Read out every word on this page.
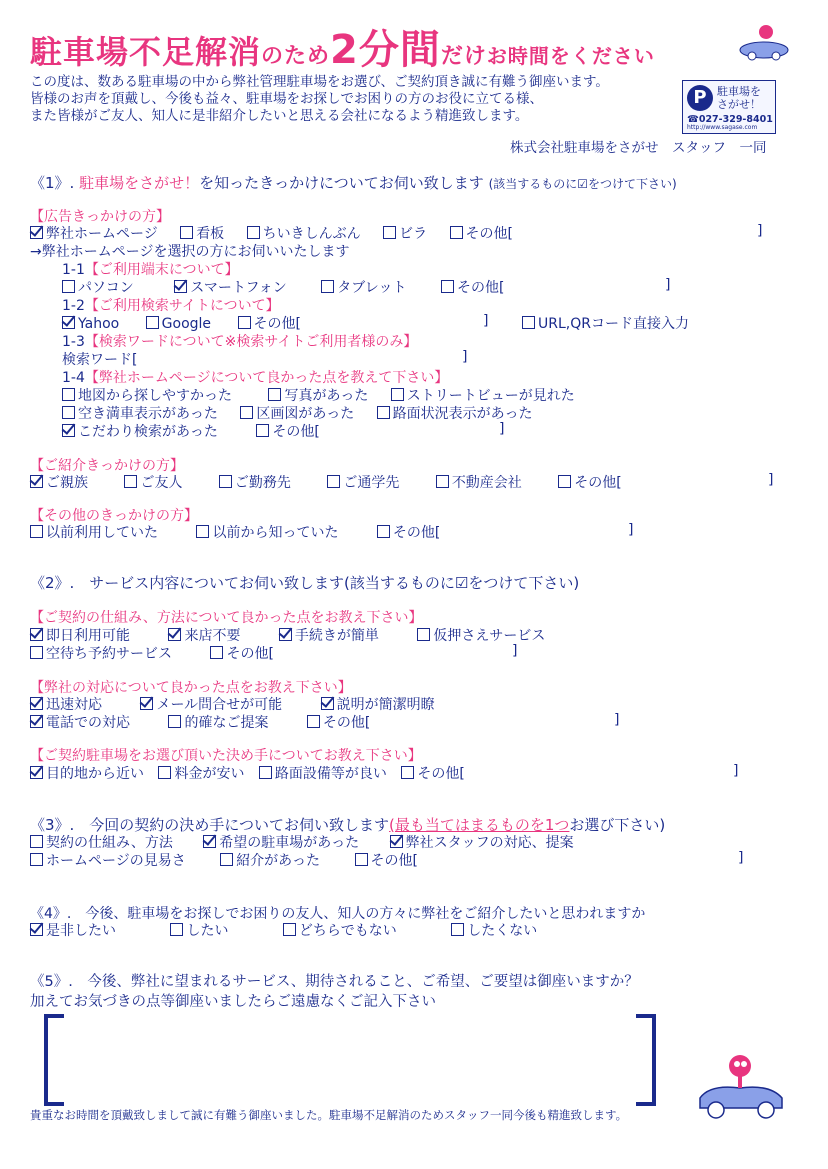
駐車場不足解消のため2分間だけお時間をください
この度は、数ある駐車場の中から弊社管理駐車場をお選び、ご契約頂き誠に有難う御座います。
皆様のお声を頂戴し、今後も益々、駐車場をお探しでお困りの方のお役に立てる様、
また皆様がご友人、知人に是非紹介したいと思える会社になるよう精進致します。
P 駐車場を
さがせ！
☎027-329-8401
http://www.sagase.com
株式会社駐車場をさがせ　スタッフ　一同
《1》. 駐車場をさがせ！を知ったきっかけについてお伺い致します (該当するものに☑をつけて下さい)
【広告きっかけの方】
弊社ホームページ	看板	ちいきしんぶん	ビラ	その他[	]
→弊社ホームページを選択の方にお伺いいたします
1-1【ご利用端末について】
パソコン	スマートフォン	タブレット	その他[	]
1-2【ご利用検索サイトについて】
Yahoo	Google	その他[	]	URL,QRコード直接入力
1-3【検索ワードについて※検索サイトご利用者様のみ】
検索ワード[	]
1-4【弊社ホームページについて良かった点を教えて下さい】
地図から探しやすかった	写真があった	ストリートビューが見れた
空き満車表示があった	区画図があった	路面状況表示があった
こだわり検索があった	その他[	]
【ご紹介きっかけの方】
ご親族	ご友人	ご勤務先	ご通学先	不動産会社	その他[	]
【その他のきっかけの方】
以前利用していた	以前から知っていた	その他[	]
《2》.　サービス内容についてお伺い致します(該当するものに☑をつけて下さい)
【ご契約の仕組み、方法について良かった点をお教え下さい】
即日利用可能	来店不要	手続きが簡単	仮押さえサービス
空待ち予約サービス	その他[	]
【弊社の対応について良かった点をお教え下さい】
迅速対応	メール問合せが可能	説明が簡潔明瞭
電話での対応	的確なご提案	その他[	]
【ご契約駐車場をお選び頂いた決め手についてお教え下さい】
目的地から近い 料金が安い 路面設備等が良い その他[	]
《3》.　今回の契約の決め手についてお伺い致します(最も当てはまるものを1つお選び下さい)
契約の仕組み、方法	希望の駐車場があった	弊社スタッフの対応、提案
ホームページの見易さ	紹介があった	その他[	]
《4》.　今後、駐車場をお探しでお困りの友人、知人の方々に弊社をご紹介したいと思われますか
是非したい	したい	どちらでもない	したくない
《5》.　今後、弊社に望まれるサービス、期待されること、ご希望、ご要望は御座いますか？
加えてお気づきの点等御座いましたらご遠慮なくご記入下さい
貴重なお時間を頂戴致しまして誠に有難う御座いました。駐車場不足解消のためスタッフ一同今後も精進致します。
